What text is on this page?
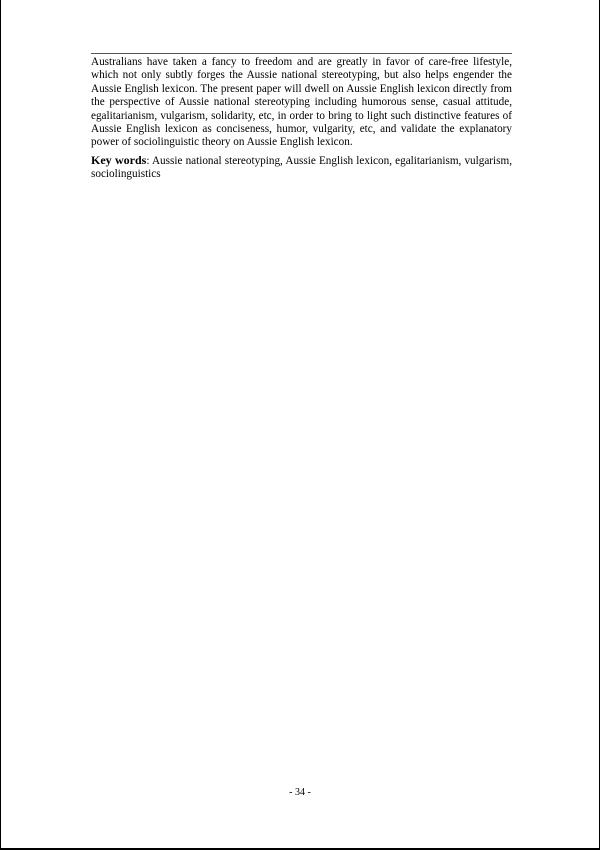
Australians have taken a fancy to freedom and are greatly in favor of care-free lifestyle, which not only subtly forges the Aussie national stereotyping, but also helps engender the Aussie English lexicon. The present paper will dwell on Aussie English lexicon directly from the perspective of Aussie national stereotyping including humorous sense, casual attitude, egalitarianism, vulgarism, solidarity, etc, in order to bring to light such distinctive features of Aussie English lexicon as conciseness, humor, vulgarity, etc, and validate the explanatory power of sociolinguistic theory on Aussie English lexicon.

Key words: Aussie national stereotyping, Aussie English lexicon, egalitarianism, vulgarism, sociolinguistics

- 34 -
